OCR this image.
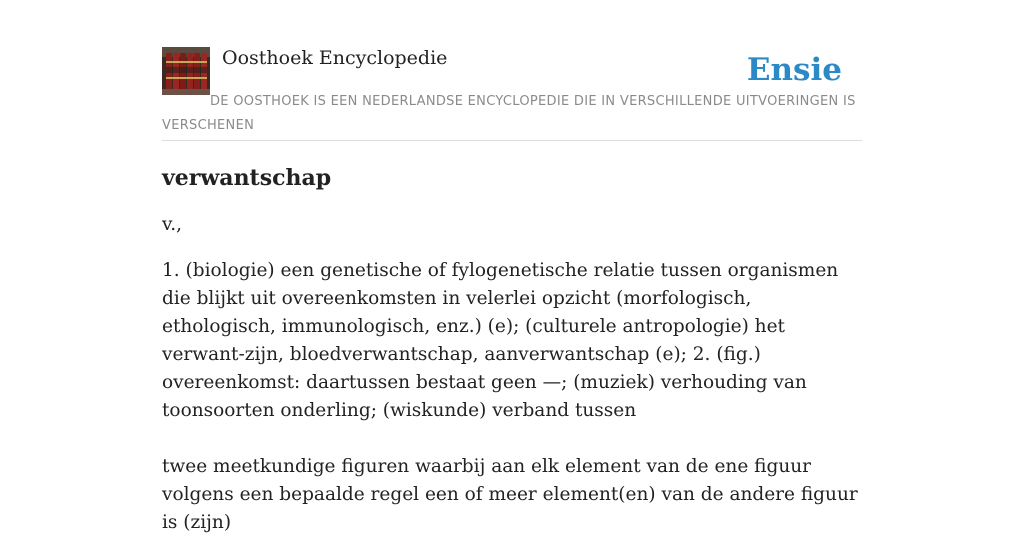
Oosthoek Encyclopedie	Ensie
DE OOSTHOEK IS EEN NEDERLANDSE ENCYCLOPEDIE DIE IN VERSCHILLENDE UITVOERINGEN IS VERSCHENEN
verwantschap
v.,
1. (biologie) een genetische of fylogenetische relatie tussen organismen die blijkt uit overeenkomsten in velerlei opzicht (morfologisch, ethologisch, immunologisch, enz.) (e); (culturele antropologie) het verwant-zijn, bloedverwantschap, aanverwantschap (e); 2. (fig.) overeenkomst: daartussen bestaat geen —; (muziek) verhouding van toonsoorten onderling; (wiskunde) verband tussen

twee meetkundige figuren waarbij aan elk element van de ene figuur volgens een bepaalde regel een of meer element(en) van de andere figuur is (zijn)
